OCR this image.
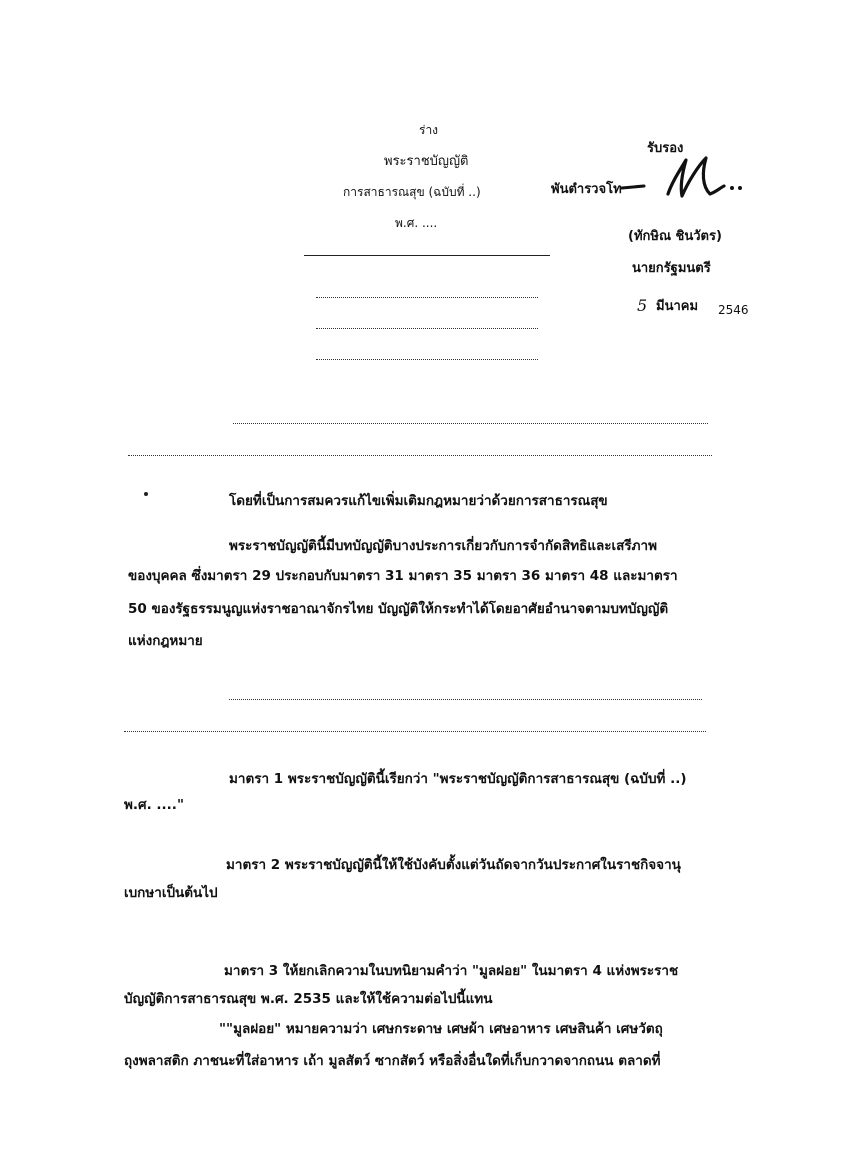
ร่าง
พระราชบัญญัติ
การสาธารณสุข (ฉบับที่ ..)
พ.ศ. ....
รับรอง
พันตำรวจโท
(ทักษิณ ชินวัตร)
นายกรัฐมนตรี
5 มีนาคม 2546
โดยที่เป็นการสมควรแก้ไขเพิ่มเติมกฎหมายว่าด้วยการสาธารณสุข
พระราชบัญญัตินี้มีบทบัญญัติบางประการเกี่ยวกับการจำกัดสิทธิและเสรีภาพ
ของบุคคล ซึ่งมาตรา 29 ประกอบกับมาตรา 31 มาตรา 35 มาตรา 36 มาตรา 48 และมาตรา
50 ของรัฐธรรมนูญแห่งราชอาณาจักรไทย บัญญัติให้กระทำได้โดยอาศัยอำนาจตามบทบัญญัติ
แห่งกฎหมาย
มาตรา 1 พระราชบัญญัตินี้เรียกว่า "พระราชบัญญัติการสาธารณสุข (ฉบับที่ ..)
พ.ศ. ...."
มาตรา 2 พระราชบัญญัตินี้ให้ใช้บังคับตั้งแต่วันถัดจากวันประกาศในราชกิจจานุ
เบกษาเป็นต้นไป
มาตรา 3 ให้ยกเลิกความในบทนิยามคำว่า "มูลฝอย" ในมาตรา 4 แห่งพระราช
บัญญัติการสาธารณสุข พ.ศ. 2535 และให้ใช้ความต่อไปนี้แทน
""มูลฝอย" หมายความว่า เศษกระดาษ เศษผ้า เศษอาหาร เศษสินค้า เศษวัตถุ
ถุงพลาสติก ภาชนะที่ใส่อาหาร เถ้า มูลสัตว์ ซากสัตว์ หรือสิ่งอื่นใดที่เก็บกวาดจากถนน ตลาดที่
